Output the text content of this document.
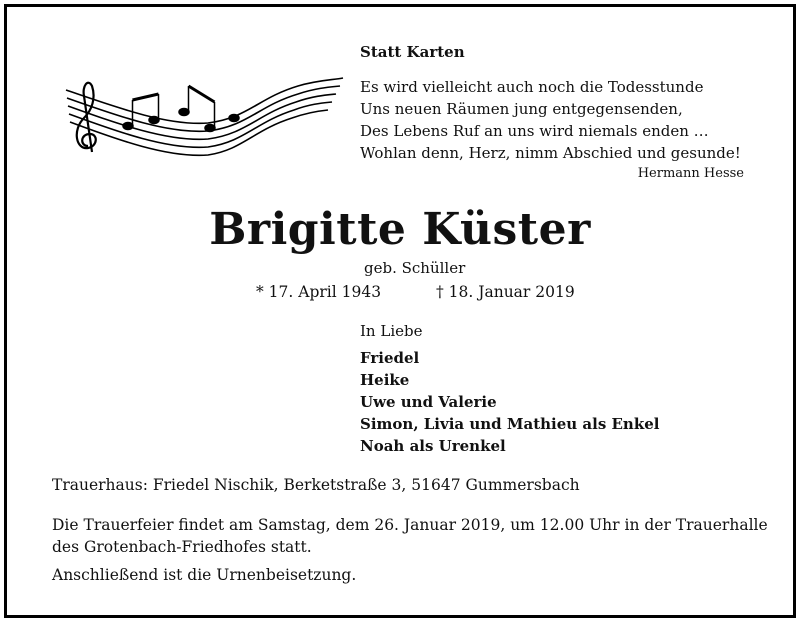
Statt Karten
Es wird vielleicht auch noch die Todesstunde
Uns neuen Räumen jung entgegensenden,
Des Lebens Ruf an uns wird niemals enden …
Wohlan denn, Herz, nimm Abschied und gesunde!
Hermann Hesse
Brigitte Küster
geb. Schüller
* 17. April 1943	† 18. Januar 2019
In Liebe
Friedel
Heike
Uwe und Valerie
Simon, Livia und Mathieu als Enkel
Noah als Urenkel
Trauerhaus: Friedel Nischik, Berketstraße 3, 51647 Gummersbach
Die Trauerfeier findet am Samstag, dem 26. Januar 2019, um 12.00 Uhr in der Trauerhalle
des Grotenbach-Friedhofes statt.
Anschließend ist die Urnenbeisetzung.
